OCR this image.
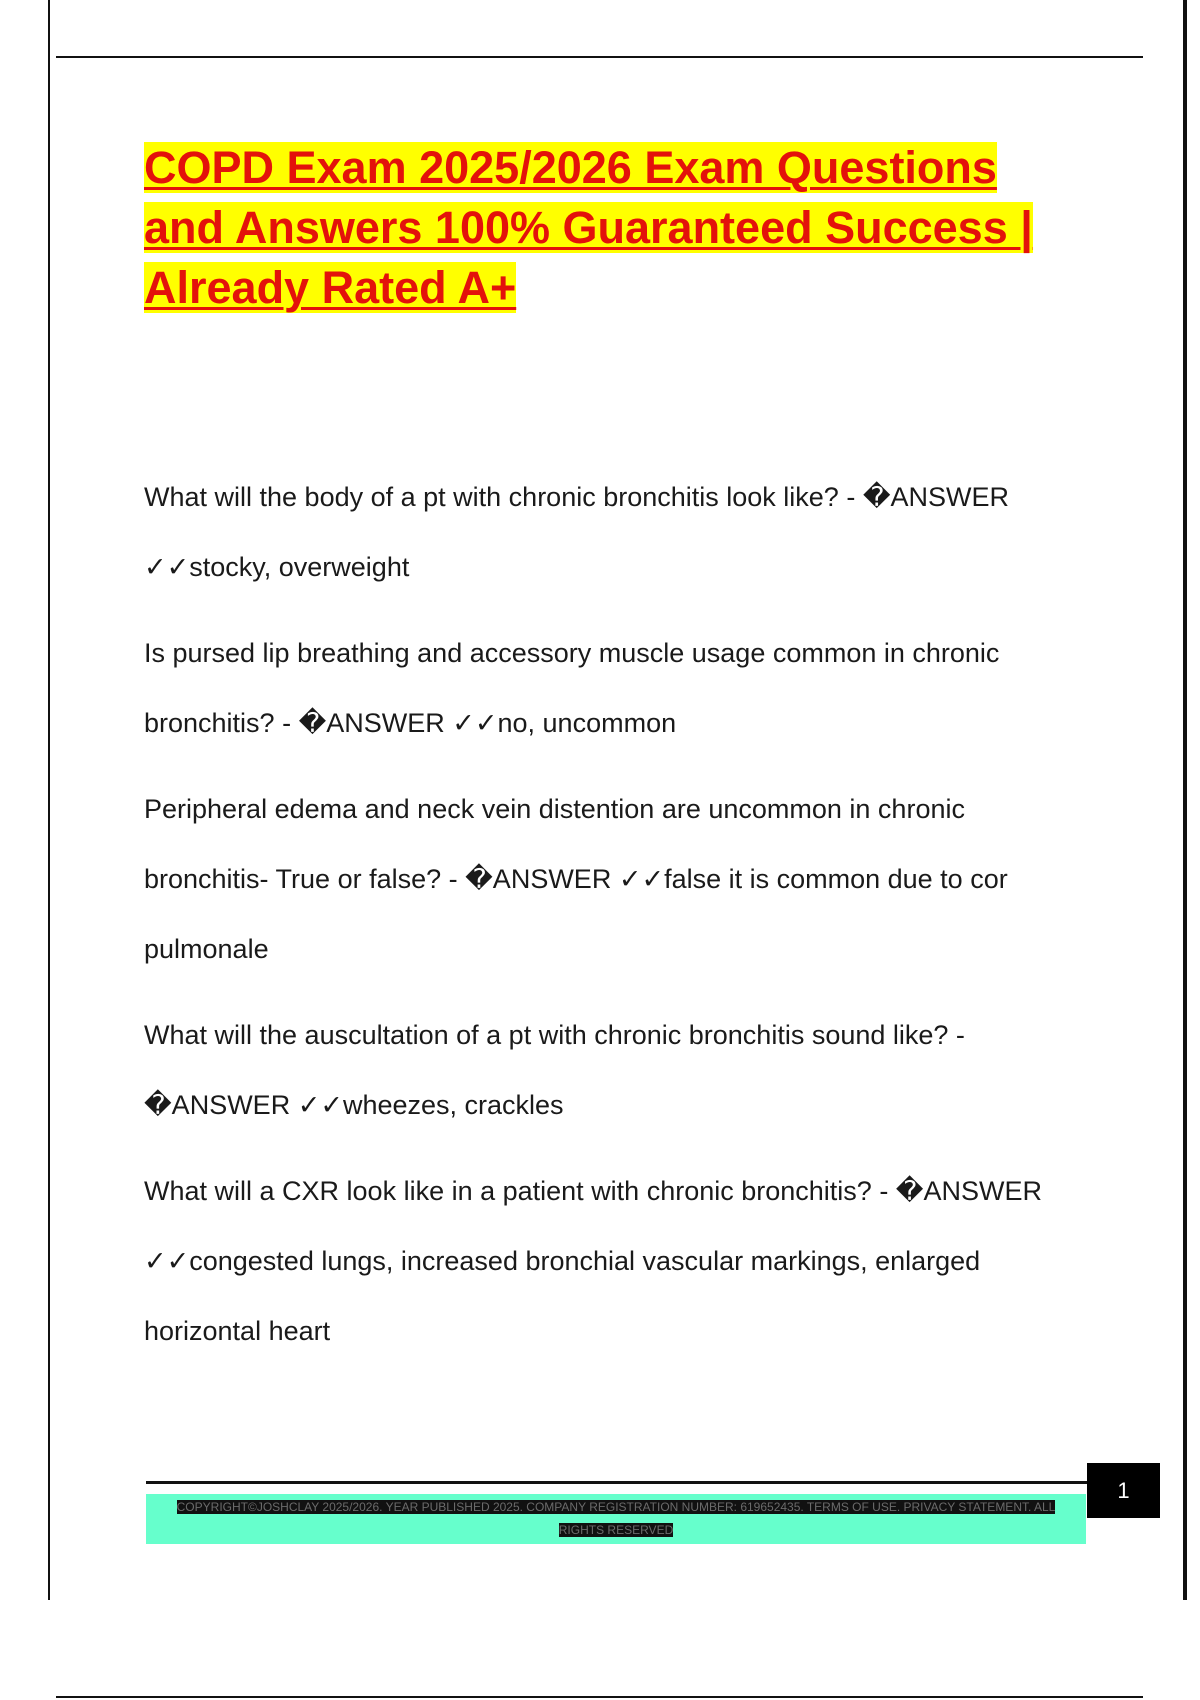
COPD Exam 2025/2026 Exam Questions and Answers 100% Guaranteed Success | Already Rated A+

What will the body of a pt with chronic bronchitis look like? - �ANSWER ✓✓stocky, overweight

Is pursed lip breathing and accessory muscle usage common in chronic bronchitis? - �ANSWER ✓✓no, uncommon

Peripheral edema and neck vein distention are uncommon in chronic bronchitis- True or false? - �ANSWER ✓✓false it is common due to cor pulmonale

What will the auscultation of a pt with chronic bronchitis sound like? - �ANSWER ✓✓wheezes, crackles

What will a CXR look like in a patient with chronic bronchitis? - �ANSWER ✓✓congested lungs, increased bronchial vascular markings, enlarged horizontal heart

1
COPYRIGHT©JOSHCLAY 2025/2026. YEAR PUBLISHED 2025. COMPANY REGISTRATION NUMBER: 619652435. TERMS OF USE. PRIVACY STATEMENT. ALL RIGHTS RESERVED
